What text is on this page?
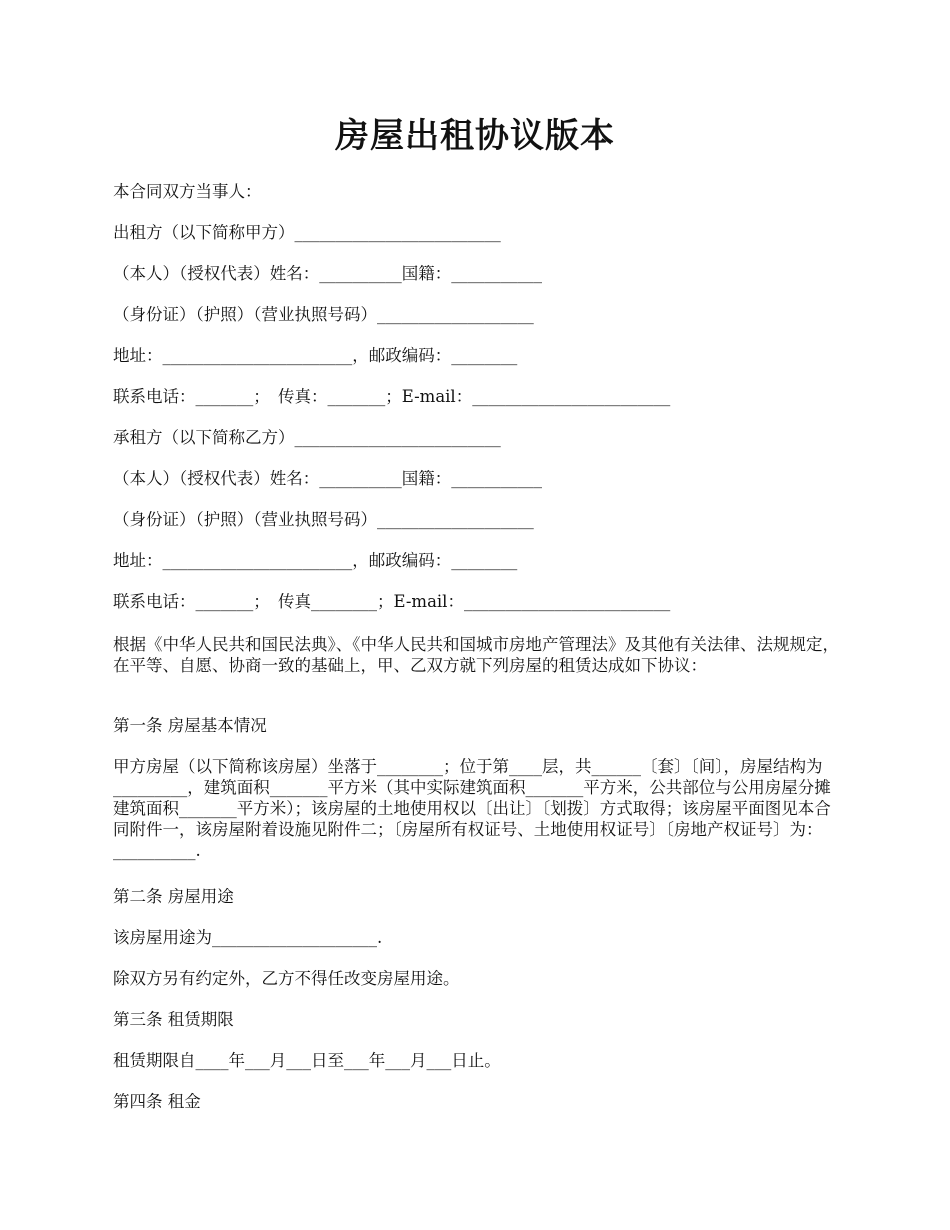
房屋出租协议版本

本合同双方当事人：

出租方（以下简称甲方）_________________________

（本人）（授权代表）姓名：__________国籍：___________

（身份证）（护照）（营业执照号码）___________________

地址：_______________________，邮政编码：________

联系电话：_______；　传真：_______；E-mail：________________________

承租方（以下简称乙方）_________________________

（本人）（授权代表）姓名：__________国籍：___________

（身份证）（护照）（营业执照号码）___________________

地址：_______________________，邮政编码：________

联系电话：_______；　传真________；E-mail：_________________________

根据《中华人民共和国民法典》、《中华人民共和国城市房地产管理法》及其他有关法律、法规规定，在平等、自愿、协商一致的基础上，甲、乙双方就下列房屋的租赁达成如下协议：

第一条 房屋基本情况

甲方房屋（以下简称该房屋）坐落于________；位于第____层，共______〔套〕〔间〕，房屋结构为_________，建筑面积_______平方米（其中实际建筑面积_______平方米，公共部位与公用房屋分摊建筑面积_______平方米）；该房屋的土地使用权以〔出让〕〔划拨〕方式取得；该房屋平面图见本合同附件一，该房屋附着设施见附件二；〔房屋所有权证号、土地使用权证号〕〔房地产权证号〕为：__________.

第二条 房屋用途

该房屋用途为____________________.

除双方另有约定外，乙方不得任改变房屋用途。

第三条 租赁期限

租赁期限自____年___月___日至___年___月___日止。

第四条 租金
